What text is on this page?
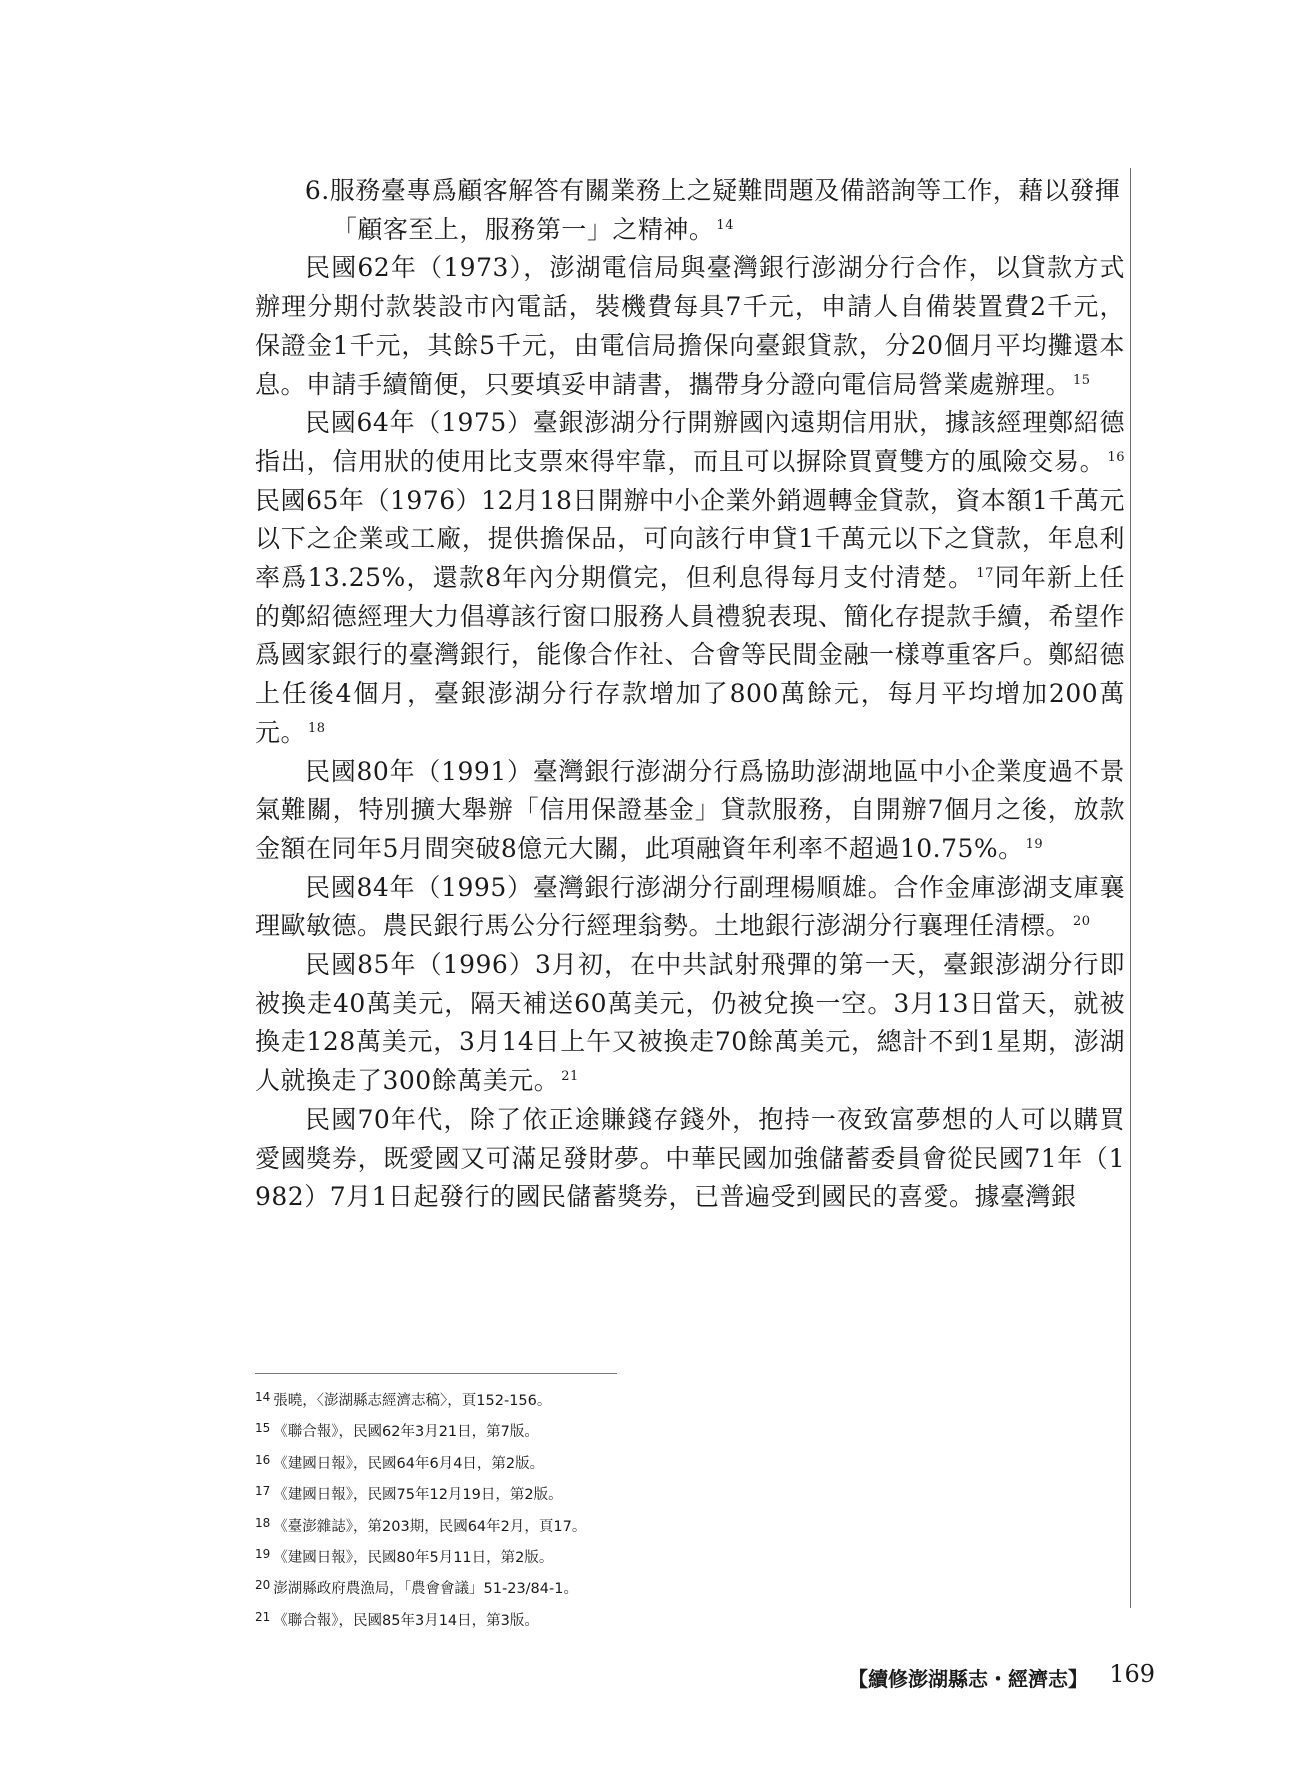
6.服務臺專爲顧客解答有關業務上之疑難問題及備諮詢等工作，藉以發揮
「顧客至上，服務第一」之精神。 $^{14}$

民國62年（1973），澎湖電信局與臺灣銀行澎湖分行合作，以貸款方式辦理分期付款裝設市內電話，裝機費每具7千元，申請人自備裝置費2千元，保證金1千元，其餘5千元，由電信局擔保向臺銀貸款，分20個月平均攤還本息。申請手續簡便，只要填妥申請書，攜帶身分證向電信局營業處辦理。 $^{15}$

民國64年（1975）臺銀澎湖分行開辦國內遠期信用狀，據該經理鄭紹德指出，信用狀的使用比支票來得牢靠，而且可以摒除買賣雙方的風險交易。 $^{16}$民國65年（1976）12月18日開辦中小企業外銷週轉金貸款，資本額1千萬元以下之企業或工廠，提供擔保品，可向該行申貸1千萬元以下之貸款，年息利率爲13.25%，還款8年內分期償完，但利息得每月支付清楚。 $^{17}$同年新上任的鄭紹德經理大力倡導該行窗口服務人員禮貌表現、簡化存提款手續，希望作爲國家銀行的臺灣銀行，能像合作社、合會等民間金融一樣尊重客戶。鄭紹德上任後4個月，臺銀澎湖分行存款增加了800萬餘元，每月平均增加200萬元。 $^{18}$

民國80年（1991）臺灣銀行澎湖分行爲協助澎湖地區中小企業度過不景氣難關，特別擴大舉辦「信用保證基金」貸款服務，自開辦7個月之後，放款金額在同年5月間突破8億元大關，此項融資年利率不超過10.75%。 $^{19}$

民國84年（1995）臺灣銀行澎湖分行副理楊順雄。合作金庫澎湖支庫襄理歐敏德。農民銀行馬公分行經理翁勢。土地銀行澎湖分行襄理任清標。 $^{20}$

民國85年（1996）3月初，在中共試射飛彈的第一天，臺銀澎湖分行即被換走40萬美元，隔天補送60萬美元，仍被兌換一空。3月13日當天，就被換走128萬美元，3月14日上午又被換走70餘萬美元，總計不到1星期，澎湖人就換走了300餘萬美元。 $^{21}$

民國70年代，除了依正途賺錢存錢外，抱持一夜致富夢想的人可以購買愛國獎券，既愛國又可滿足發財夢。中華民國加強儲蓄委員會從民國71年（1982）7月1日起發行的國民儲蓄獎券，已普遍受到國民的喜愛。據臺灣銀

$^{14}$ 張曉，〈澎湖縣志經濟志稿〉，頁152-156。

$^{15}$ 《聯合報》，民國62年3月21日，第7版。

$^{16}$ 《建國日報》，民國64年6月4日，第2版。

$^{17}$ 《建國日報》，民國75年12月19日，第2版。

$^{18}$ 《臺澎雜誌》，第203期，民國64年2月，頁17。

$^{19}$ 《建國日報》，民國80年5月11日，第2版。

$^{20}$ 澎湖縣政府農漁局，「農會會議」51-23/84-1。

$^{21}$ 《聯合報》，民國85年3月14日，第3版。

【續修澎湖縣志・經濟志】 169
